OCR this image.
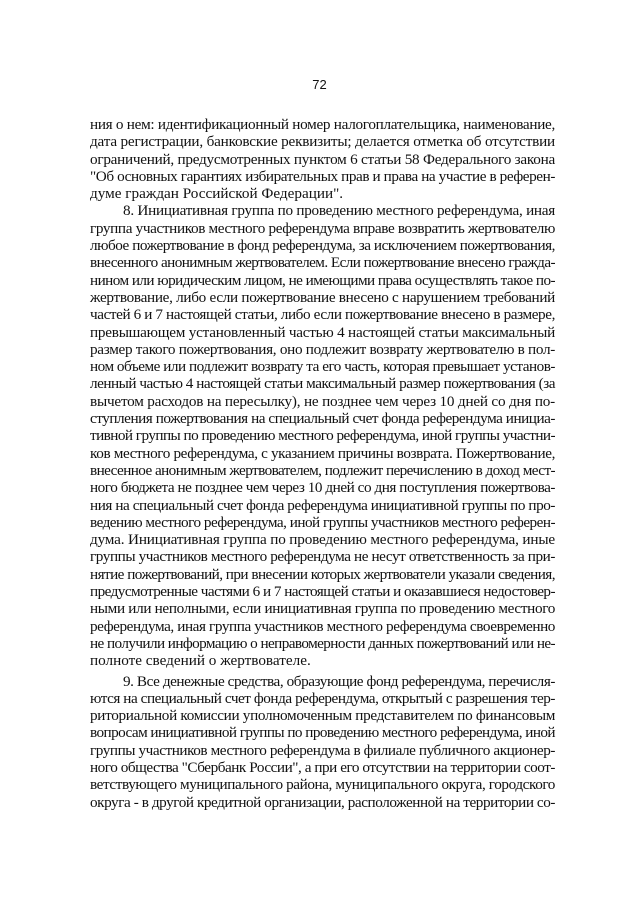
72
ния о нем: идентификационный номер налогоплательщика, наименование,
дата регистрации, банковские реквизиты; делается отметка об отсутствии
ограничений, предусмотренных пунктом 6 статьи 58 Федерального закона
"Об основных гарантиях избирательных прав и права на участие в референ-
думе граждан Российской Федерации".
8. Инициативная группа по проведению местного референдума, иная
группа участников местного референдума вправе возвратить жертвователю
любое пожертвование в фонд референдума, за исключением пожертвования,
внесенного анонимным жертвователем. Если пожертвование внесено гражда-
нином или юридическим лицом, не имеющими права осуществлять такое по-
жертвование, либо если пожертвование внесено с нарушением требований
частей 6 и 7 настоящей статьи, либо если пожертвование внесено в размере,
превышающем установленный частью 4 настоящей статьи максимальный
размер такого пожертвования, оно подлежит возврату жертвователю в пол-
ном объеме или подлежит возврату та его часть, которая превышает установ-
ленный частью 4 настоящей статьи максимальный размер пожертвования (за
вычетом расходов на пересылку), не позднее чем через 10 дней со дня по-
ступления пожертвования на специальный счет фонда референдума инициа-
тивной группы по проведению местного референдума, иной группы участни-
ков местного референдума, с указанием причины возврата. Пожертвование,
внесенное анонимным жертвователем, подлежит перечислению в доход мест-
ного бюджета не позднее чем через 10 дней со дня поступления пожертвова-
ния на специальный счет фонда референдума инициативной группы по про-
ведению местного референдума, иной группы участников местного референ-
дума. Инициативная группа по проведению местного референдума, иные
группы участников местного референдума не несут ответственность за при-
нятие пожертвований, при внесении которых жертвователи указали сведения,
предусмотренные частями 6 и 7 настоящей статьи и оказавшиеся недостовер-
ными или неполными, если инициативная группа по проведению местного
референдума, иная группа участников местного референдума своевременно
не получили информацию о неправомерности данных пожертвований или не-
полноте сведений о жертвователе.
9. Все денежные средства, образующие фонд референдума, перечисля-
ются на специальный счет фонда референдума, открытый с разрешения тер-
риториальной комиссии уполномоченным представителем по финансовым
вопросам инициативной группы по проведению местного референдума, иной
группы участников местного референдума в филиале публичного акционер-
ного общества "Сбербанк России", а при его отсутствии на территории соот-
ветствующего муниципального района, муниципального округа, городского
округа - в другой кредитной организации, расположенной на территории со-
